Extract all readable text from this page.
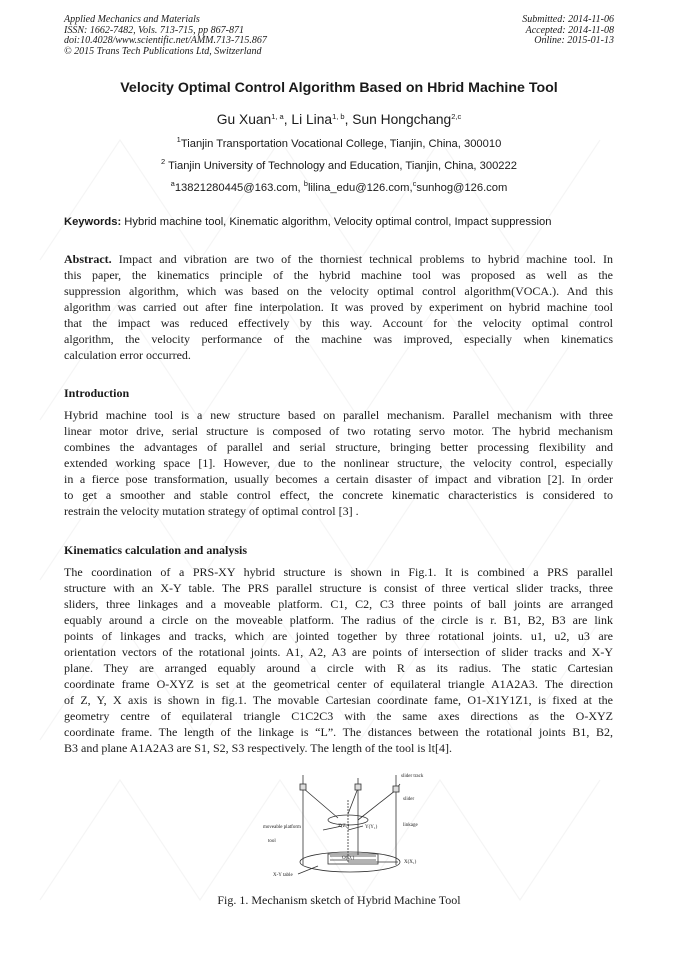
Applied Mechanics and Materials
ISSN: 1662-7482, Vols. 713-715, pp 867-871
doi:10.4028/www.scientific.net/AMM.713-715.867
© 2015 Trans Tech Publications Ltd, Switzerland
Submitted: 2014-11-06
Accepted: 2014-11-08
Online: 2015-01-13
Velocity Optimal Control Algorithm Based on Hbrid Machine Tool
Gu Xuan$^{1, a}$, Li Lina$^{1, b}$, Sun Hongchang$^{2,c}$
$^1$Tianjin Transportation Vocational College, Tianjin, China, 300010
$^2$ Tianjin University of Technology and Education, Tianjin, China, 300222
$^a$13821280445@163.com, $^b$lilina_edu@126.com,$^c$sunhog@126.com
Keywords: Hybrid machine tool, Kinematic algorithm, Velocity optimal control, Impact suppression
Abstract. Impact and vibration are two of the thorniest technical problems to hybrid machine tool. In
this paper, the kinematics principle of the hybrid machine tool was proposed as well as the
suppression algorithm, which was based on the velocity optimal control algorithm(VOCA.). And this
algorithm was carried out after fine interpolation. It was proved by experiment on hybrid machine tool
that the impact was reduced effectively by this way. Account for the velocity optimal control
algorithm, the velocity performance of the machine was improved, especially when kinematics
calculation error occurred.
Introduction
Hybrid machine tool is a new structure based on parallel mechanism. Parallel mechanism with three
linear motor drive, serial structure is composed of two rotating servo motor. The hybrid mechanism
combines the advantages of parallel and serial structure, bringing better processing flexibility and
extended working space [1]. However, due to the nonlinear structure, the velocity control, especially
in a fierce pose transformation, usually becomes a certain disaster of impact and vibration [2]. In order
to get a smoother and stable control effect, the concrete kinematic characteristics is considered to
restrain the velocity mutation strategy of optimal control [3] .
Kinematics calculation and analysis
The coordination of a PRS-XY hybrid structure is shown in Fig.1. It is combined a PRS parallel
structure with an X-Y table. The PRS parallel structure is consist of three vertical slider tracks, three
sliders, three linkages and a moveable platform. C1, C2, C3 three points of ball joints are arranged
equably around a circle on the moveable platform. The radius of the circle is r. B1, B2, B3 are link
points of linkages and tracks, which are jointed together by three rotational joints. u1, u2, u3 are
orientation vectors of the rotational joints. A1, A2, A3 are points of intersection of slider tracks and X-Y
plane. They are arranged equably around a circle with R as its radius. The static Cartesian
coordinate frame O-XYZ is set at the geometrical center of equilateral triangle A1A2A3. The direction
of Z, Y, X axis is shown in fig.1. The movable Cartesian coordinate fame, O1-X1Y1Z1, is fixed at the
geometry centre of equilateral triangle C1C2C3 with the same axes directions as the O-XYZ
coordinate frame. The length of the linkage is “L”. The distances between the rotational joints B1, B2,
B3 and plane A1A2A3 are S1, S2, S3 respectively. The length of the tool is lt[4].
slider track
slider
linkage
moveable platform
tool
X-Y table
X(X₁)
Y(Y₁)
Z(Z₁)
O(O₁)
Fig. 1. Mechanism sketch of Hybrid Machine Tool
